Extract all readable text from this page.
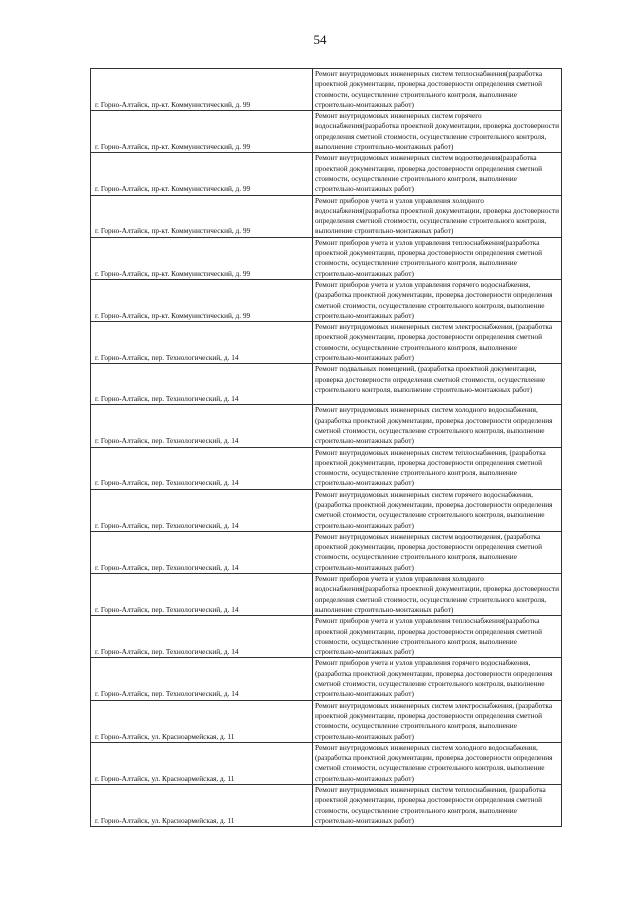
54
г. Горно-Алтайск, пр-кт. Коммунистический, д. 99	Ремонт внутридомовых инженерных систем теплоснабжения(разработка проектной документации, проверка достоверности определения сметной стоимости, осуществление строительного контроля, выполнение строительно-монтажных работ)
г. Горно-Алтайск, пр-кт. Коммунистический, д. 99	Ремонт внутридомовых инженерных систем горячего водоснабжения(разработка проектной документации, проверка достоверности определения сметной стоимости, осуществление строительного контроля, выполнение строительно-монтажных работ)
г. Горно-Алтайск, пр-кт. Коммунистический, д. 99	Ремонт внутридомовых инженерных систем водоотведения(разработка проектной документации, проверка достоверности определения сметной стоимости, осуществление строительного контроля, выполнение строительно-монтажных работ)
г. Горно-Алтайск, пр-кт. Коммунистический, д. 99	Ремонт приборов учета и узлов управления холодного водоснабжения(разработка проектной документации, проверка достоверности определения сметной стоимости, осуществление строительного контроля, выполнение строительно-монтажных работ)
г. Горно-Алтайск, пр-кт. Коммунистический, д. 99	Ремонт приборов учета и узлов управления теплоснабжения(разработка проектной документации, проверка достоверности определения сметной стоимости, осуществление строительного контроля, выполнение строительно-монтажных работ)
г. Горно-Алтайск, пр-кт. Коммунистический, д. 99	Ремонт приборов учета и узлов управления горячего водоснабжения, (разработка проектной документации, проверка достоверности определения сметной стоимости, осуществление строительного контроля, выполнение строительно-монтажных работ)
г. Горно-Алтайск, пер. Технологический, д. 14	Ремонт внутридомовых инженерных систем электроснабжения, (разработка проектной документации, проверка достоверности определения сметной стоимости, осуществление строительного контроля, выполнение строительно-монтажных работ)
г. Горно-Алтайск, пер. Технологический, д. 14	Ремонт подвальных помещений, (разработка проектной документации, проверка достоверности определения сметной стоимости, осуществление строительного контроля, выполнение строительно-монтажных работ)
г. Горно-Алтайск, пер. Технологический, д. 14	Ремонт внутридомовых инженерных систем холодного водоснабжения, (разработка проектной документации, проверка достоверности определения сметной стоимости, осуществление строительного контроля, выполнение строительно-монтажных работ)
г. Горно-Алтайск, пер. Технологический, д. 14	Ремонт внутридомовых инженерных систем теплоснабжения, (разработка проектной документации, проверка достоверности определения сметной стоимости, осуществление строительного контроля, выполнение строительно-монтажных работ)
г. Горно-Алтайск, пер. Технологический, д. 14	Ремонт внутридомовых инженерных систем горячего водоснабжения, (разработка проектной документации, проверка достоверности определения сметной стоимости, осуществление строительного контроля, выполнение строительно-монтажных работ)
г. Горно-Алтайск, пер. Технологический, д. 14	Ремонт внутридомовых инженерных систем водоотведения, (разработка проектной документации, проверка достоверности определения сметной стоимости, осуществление строительного контроля, выполнение строительно-монтажных работ)
г. Горно-Алтайск, пер. Технологический, д. 14	Ремонт приборов учета и узлов управления холодного водоснабжения(разработка проектной документации, проверка достоверности определения сметной стоимости, осуществление строительного контроля, выполнение строительно-монтажных работ)
г. Горно-Алтайск, пер. Технологический, д. 14	Ремонт приборов учета и узлов управления теплоснабжения(разработка проектной документации, проверка достоверности определения сметной стоимости, осуществление строительного контроля, выполнение строительно-монтажных работ)
г. Горно-Алтайск, пер. Технологический, д. 14	Ремонт приборов учета и узлов управления горячего водоснабжения, (разработка проектной документации, проверка достоверности определения сметной стоимости, осуществление строительного контроля, выполнение строительно-монтажных работ)
г. Горно-Алтайск, ул. Красноармейская, д. 11	Ремонт внутридомовых инженерных систем электроснабжения, (разработка проектной документации, проверка достоверности определения сметной стоимости, осуществление строительного контроля, выполнение строительно-монтажных работ)
г. Горно-Алтайск, ул. Красноармейская, д. 11	Ремонт внутридомовых инженерных систем холодного водоснабжения, (разработка проектной документации, проверка достоверности определения сметной стоимости, осуществление строительного контроля, выполнение строительно-монтажных работ)
г. Горно-Алтайск, ул. Красноармейская, д. 11	Ремонт внутридомовых инженерных систем теплоснабжения, (разработка проектной документации, проверка достоверности определения сметной стоимости, осуществление строительного контроля, выполнение строительно-монтажных работ)
